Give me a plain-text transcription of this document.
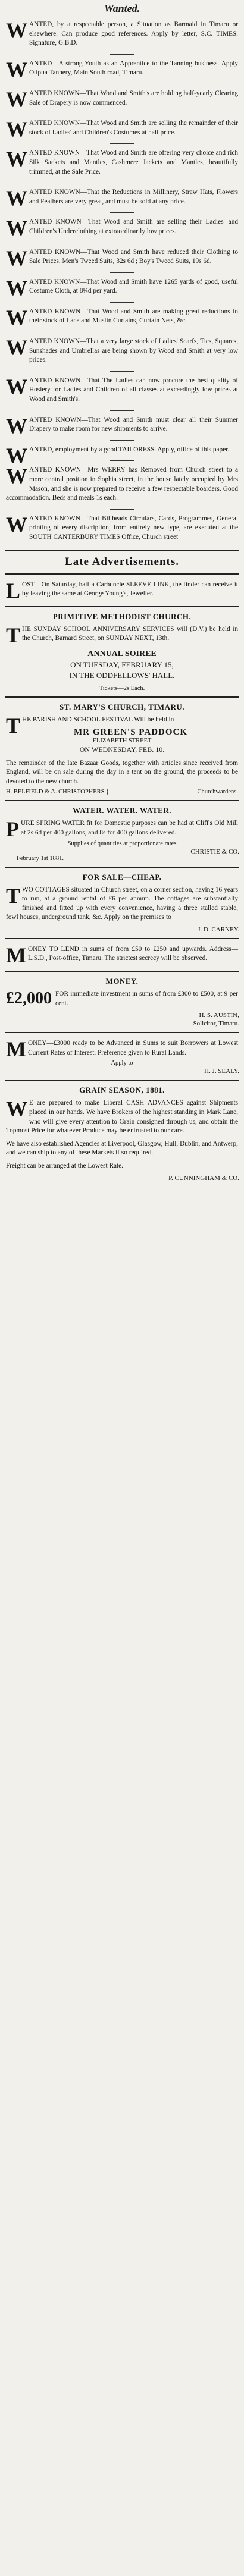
Wanted.
WANTED, by a respectable person, a Situation as Barmaid in Timaru or elsewhere. Can produce good references. Apply by letter, S.C. TIMES. Signature, G.B.D.
WANTED—A strong Youth as an Apprentice to the Tanning business. Apply Otipua Tannery, Main South road, Timaru.
WANTED KNOWN—That Wood and Smith's are holding half-yearly Clearing Sale of Drapery is now commenced.
WANTED KNOWN—That Wood and Smith are selling the remainder of their stock of Ladies' and Children's Costumes at half price.
WANTED KNOWN—That Wood and Smith are offering very choice and rich Silk Sackets and Mantles, Cashmere Jackets and Mantles, beautifully trimmed, at the Sale Price.
WANTED KNOWN—That the Reductions in Millinery, Straw Hats, Flowers and Feathers are very great, and must be sold at any price.
WANTED KNOWN—That Wood and Smith are selling their Ladies' and Children's Underclothing at extraordinarily low prices.
WANTED KNOWN—That Wood and Smith have reduced their Clothing to Sale Prices. Men's Tweed Suits, 32s 6d ; Boy's Tweed Suits, 19s 6d.
WANTED KNOWN—That Wood and Smith have 1265 yards of good, useful Costume Cloth, at 8¼d per yard.
WANTED KNOWN—That Wood and Smith are making great reductions in their stock of Lace and Muslin Curtains, Curtain Nets, &c.
WANTED KNOWN—That a very large stock of Ladies' Scarfs, Ties, Squares, Sunshades and Umbrellas are being shown by Wood and Smith at very low prices.
WANTED KNOWN—That The Ladies can now procure the best quality of Hosiery for Ladies and Children of all classes at exceedingly low prices at Wood and Smith's.
WANTED KNOWN—That Wood and Smith must clear all their Summer Drapery to make room for new shipments to arrive.
WANTED, employment by a good TAILORESS. Apply, office of this paper.
WANTED KNOWN—Mrs WERRY has Removed from Church street to a more central position in Sophia street, in the house lately occupied by Mrs Mason, and she is now prepared to receive a few respectable boarders. Good accommodation. Beds and meals 1s each.
WANTED KNOWN—That Billheads Circulars, Cards, Programmes, General printing of every discription, from entirely new type, are executed at the SOUTH CANTERBURY TIMES Office, Church street
Late Advertisements.
L OST—On Saturday, half a Carbuncle SLEEVE LINK, the finder can receive it by leaving the same at George Young's, Jeweller.
PRIMITIVE METHODIST CHURCH.
T HE SUNDAY SCHOOL ANNIVERSARY SERVICES will (D.V.) be held in the Church, Barnard Street, on SUNDAY NEXT, 13th.
ANNUAL SOIREE
ON TUESDAY, FEBRUARY 15,
IN THE ODDFELLOWS' HALL.
Tickets—2s Each.
ST. MARY'S CHURCH, TIMARU.
T HE PARISH AND SCHOOL FESTIVAL Will be held in
MR GREEN'S PADDOCK
ELIZABETH STREET
ON WEDNESDAY, FEB. 10.
The remainder of the late Bazaar Goods, together with articles since received from England, will be on sale during the day in a tent on the ground, the proceeds to be devoted to the new church.
H. BELFIELD & A. CHRISTOPHERS }	Churchwardens.
WATER. WATER. WATER.
P URE SPRING WATER fit for Domestic purposes can be had at Cliff's Old Mill at 2s 6d per 400 gallons, and 8s for 400 gallons delivered.
Supplies of quantities at proportionate rates
CHRISTIE & CO.
February 1st 1881.
FOR SALE—CHEAP.
T WO COTTAGES situated in Church street, on a corner section, having 16 years to run, at a ground rental of £6 per annum. The cottages are substantially finished and fitted up with every convenience, having a three stalled stable, fowl houses, underground tank, &c. Apply on the premises to
J. D. CARNEY.
M ONEY TO LEND in sums of from £50 to £250 and upwards. Address—L.S.D., Post-office, Timaru. The strictest secrecy will be observed.
MONEY.
£2,000 FOR immediate investment in sums of from £300 to £500, at 9 per cent.
H. S. AUSTIN,
Solicitor, Timaru.
M ONEY—£3000 ready to be Advanced in Sums to suit Borrowers at Lowest Current Rates of Interest. Preference given to Rural Lands.
Apply to
H. J. SEALY.
GRAIN SEASON, 1881.
W E are prepared to make Liberal CASH ADVANCES against Shipments placed in our hands. We have Brokers of the highest standing in Mark Lane, who will give every attention to Grain consigned through us, and obtain the Topmost Price for whatever Produce may be entrusted to our care.
We have also established Agencies at Liverpool, Glasgow, Hull, Dublin, and Antwerp, and we can ship to any of these Markets if so required.
Freight can be arranged at the Lowest Rate.
P. CUNNINGHAM & CO.
